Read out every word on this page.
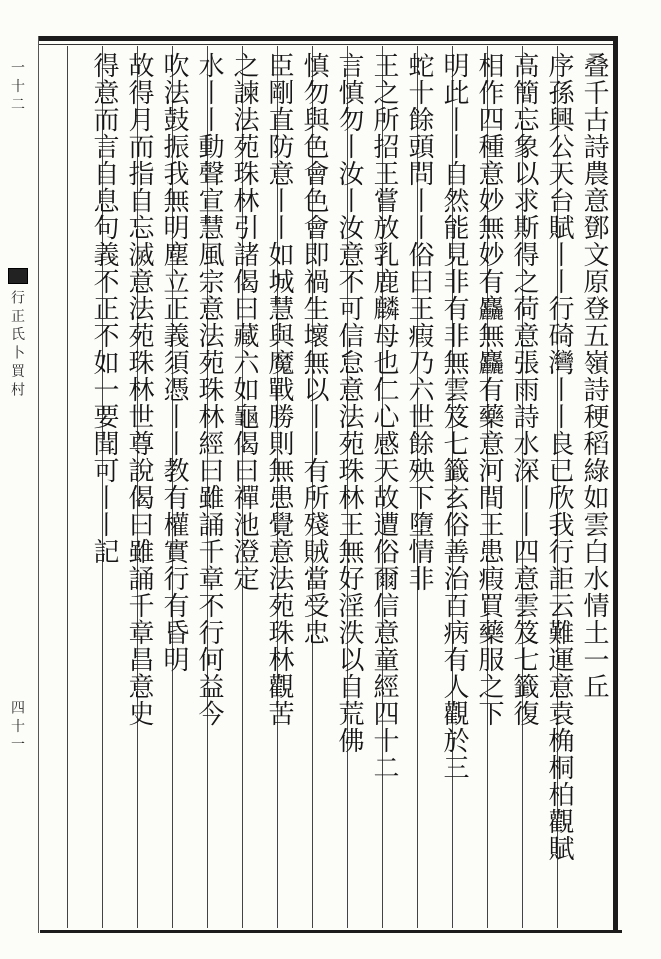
叠千古詩農意鄧文原登五嶺詩稉稻綠如雲白水情土一丘
序孫興公天台賦丨丨行碕灣丨丨良已欣我行詎云難運意袁桷桐柏觀賦
高簡忘象以求斯得之荷意張雨詩水深丨丨四意雲笈七籤復
相作四種意妙無妙有麤無麤有藥意河間王患瘕買藥服之下
明此丨丨自然能見非有非無雲笈七籤玄俗善治百病有人觀於三
蛇十餘頭問丨丨俗曰王瘕乃六世餘殃下墮情非
王之所招王嘗放乳鹿麟母也仁心感天故遭俗爾信意童經四十二
言慎勿丨汝丨汝意不可信怠意法苑珠林王無好淫泆以自荒佛
慎勿與色會色會即禍生壞無以丨丨有所殘賊當受忠
臣剛直防意丨丨如城慧與魔戰勝則無患覺意法苑珠林觀苦
之諫法苑珠林引諸偈曰藏六如龜偈曰禪池澄定
水丨丨動聲宣慧風宗意法苑珠林經曰雖誦千章不行何益今
吹法鼓振我無明塵立正義須憑丨丨教有權實行有昏明
故得月而指自忘滅意法苑珠林世尊說偈曰雖誦千章昌意史
得意而言自息句義不正不如一要聞可丨丨記
一 十 二
行 正 氏 卜 買 村
四 十 一
